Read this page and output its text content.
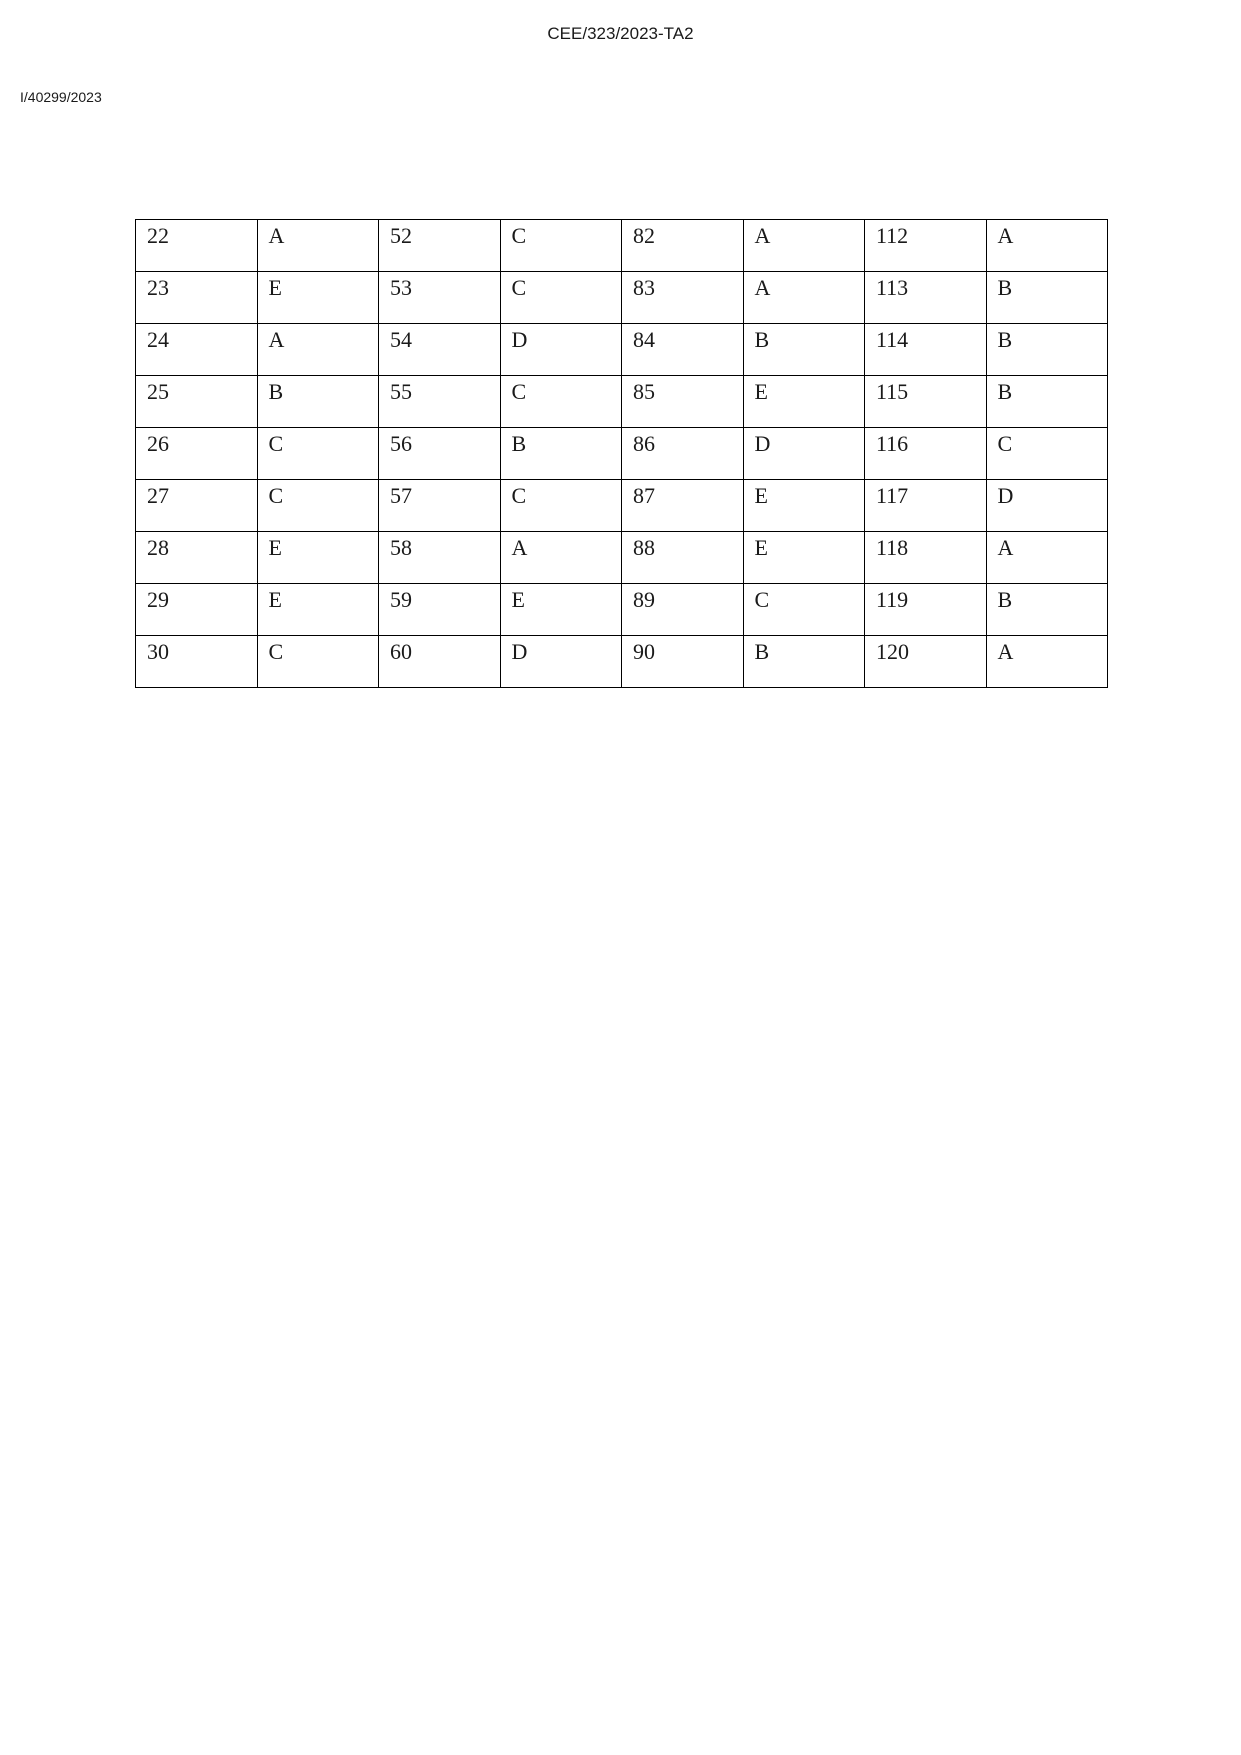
CEE/323/2023-TA2
I/40299/2023
22	A	52	C	82	A	112	A
23	E	53	C	83	A	113	B
24	A	54	D	84	B	114	B
25	B	55	C	85	E	115	B
26	C	56	B	86	D	116	C
27	C	57	C	87	E	117	D
28	E	58	A	88	E	118	A
29	E	59	E	89	C	119	B
30	C	60	D	90	B	120	A
